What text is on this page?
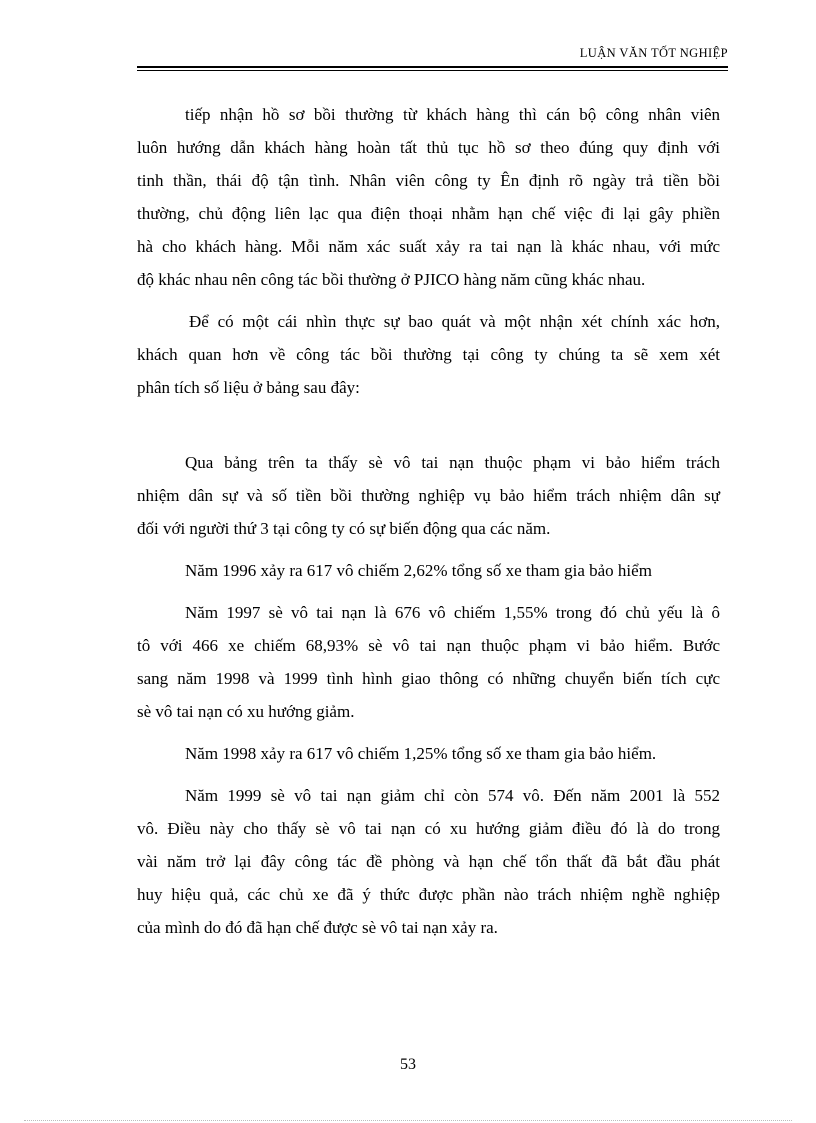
LUẬN VĂN TỐT NGHIỆP
tiếp nhận hồ sơ bồi thường từ khách hàng thì cán bộ công nhân viên
luôn hướng dẫn khách hàng hoàn tất thủ tục hồ sơ theo đúng quy định với
tinh thần, thái độ tận tình. Nhân viên công ty Ên định rõ ngày trả tiền bồi
thường, chủ động liên lạc qua điện thoại nhằm hạn chế việc đi lại gây phiền
hà cho khách hàng. Mỗi năm xác suất xảy ra tai nạn là khác nhau, với mức
độ khác nhau nên công tác bồi thường ở PJICO hàng năm cũng khác nhau.
Để có một cái nhìn thực sự bao quát và một nhận xét chính xác hơn,
khách quan hơn về công tác bồi thường tại công ty chúng ta sẽ xem xét
phân tích số liệu ở bảng sau đây:
Qua bảng trên ta thấy sè vô tai nạn thuộc phạm vi bảo hiểm trách
nhiệm dân sự và số tiền bồi thường nghiệp vụ bảo hiểm trách nhiệm dân sự
đối với người thứ 3 tại công ty có sự biến động qua các năm.
Năm 1996 xảy ra 617 vô chiếm 2,62% tổng số xe tham gia bảo hiểm
Năm 1997 sè vô tai nạn là 676 vô chiếm 1,55% trong đó chủ yếu là ô
tô với 466 xe chiếm 68,93% sè vô tai nạn thuộc phạm vi bảo hiểm. Bước
sang năm 1998 và 1999 tình hình giao thông có những chuyển biến tích cực
sè vô tai nạn có xu hướng giảm.
Năm 1998 xảy ra 617 vô chiếm 1,25% tổng số xe tham gia bảo hiểm.
Năm 1999 sè vô tai nạn giảm chỉ còn 574 vô. Đến năm 2001 là 552
vô. Điều này cho thấy sè vô tai nạn có xu hướng giảm điều đó là do trong
vài năm trở lại đây công tác đề phòng và hạn chế tổn thất đã bắt đầu phát
huy hiệu quả, các chủ xe đã ý thức được phần nào trách nhiệm nghề nghiệp
của mình do đó đã hạn chế được sè vô tai nạn xảy ra.
53
